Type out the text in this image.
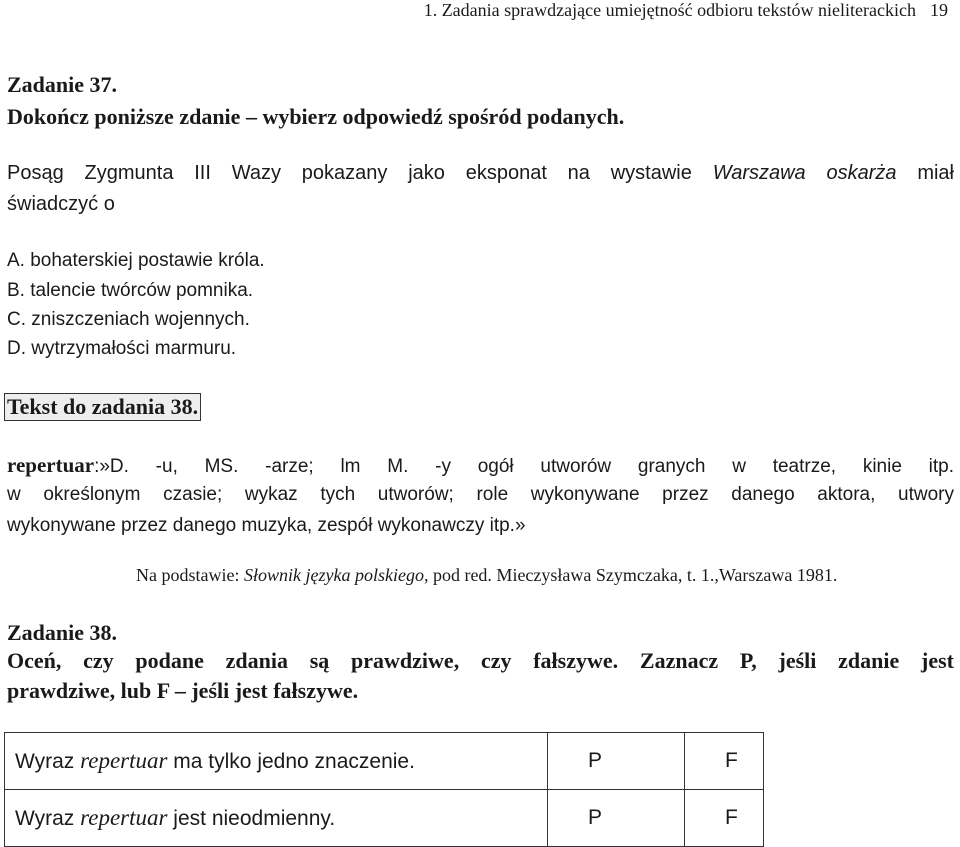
1. Zadania sprawdzające umiejętność odbioru tekstów nieliterackich 19
Zadanie 37.
Dokończ poniższe zdanie – wybierz odpowiedź spośród podanych.
Posąg Zygmunta III Wazy pokazany jako eksponat na wystawie Warszawa oskarża miał
świadczyć o
A. bohaterskiej postawie króla.
B. talencie twórców pomnika.
C. zniszczeniach wojennych.
D. wytrzymałości marmuru.
Tekst do zadania 38.
repertuar:»D. -u, MS. -arze; lm M. -y ogół utworów granych w teatrze, kinie itp.
w określonym czasie; wykaz tych utworów; role wykonywane przez danego aktora, utwory
wykonywane przez danego muzyka, zespół wykonawczy itp.»
Na podstawie: Słownik języka polskiego, pod red. Mieczysława Szymczaka, t. 1.,Warszawa 1981.
Zadanie 38.
Oceń, czy podane zdania są prawdziwe, czy fałszywe. Zaznacz P, jeśli zdanie jest
prawdziwe, lub F – jeśli jest fałszywe.
Wyraz repertuar ma tylko jedno znaczenie.	P	F
Wyraz repertuar jest nieodmienny.	P	F
